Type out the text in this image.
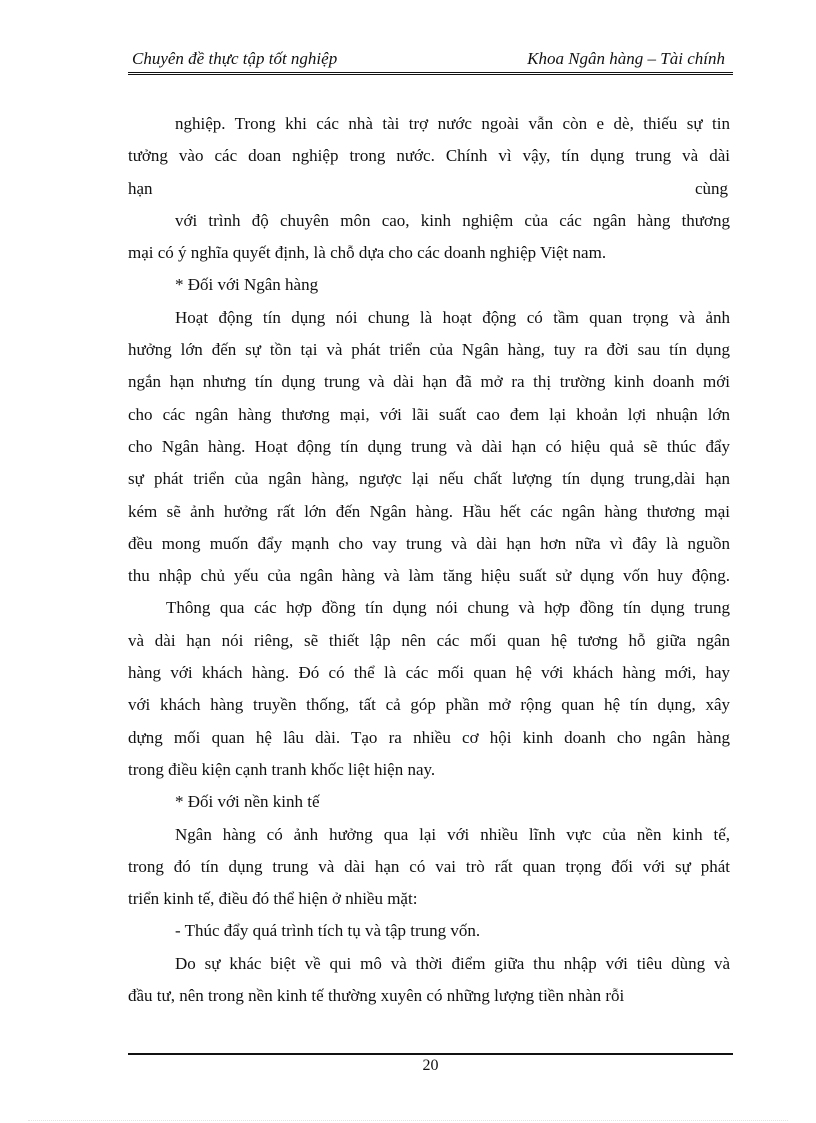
Chuyên đề thực tập tốt nghiệp	Khoa Ngân hàng – Tài chính
nghiệp. Trong khi các nhà tài trợ nước ngoài vẫn còn e dè, thiếu sự tin
tưởng vào các doan nghiệp trong nước. Chính vì vậy, tín dụng trung và dài
hạn	cùng
với trình độ chuyên môn cao, kinh nghiệm của các ngân hàng thương
mại có ý nghĩa quyết định, là chỗ dựa cho các doanh nghiệp Việt nam.
* Đối với Ngân hàng
Hoạt động tín dụng nói chung là hoạt động có tầm quan trọng và ảnh
hưởng lớn đến sự tồn tại và phát triển của Ngân hàng, tuy ra đời sau tín dụng
ngắn hạn nhưng tín dụng trung và dài hạn đã mở ra thị trường kinh doanh mới
cho các ngân hàng thương mại, với lãi suất cao đem lại khoản lợi nhuận lớn
cho Ngân hàng. Hoạt động tín dụng trung và dài hạn có hiệu quả sẽ thúc đẩy
sự phát triển của ngân hàng, ngược lại nếu chất lượng tín dụng trung,dài hạn
kém sẽ ảnh hưởng rất lớn đến Ngân hàng. Hầu hết các ngân hàng thương mại
đều mong muốn đẩy mạnh cho vay trung và dài hạn hơn nữa vì đây là nguồn
thu nhập chủ yếu của ngân hàng và làm tăng hiệu suất sử dụng vốn huy động.
Thông qua các hợp đồng tín dụng nói chung và hợp đồng tín dụng trung
và dài hạn nói riêng, sẽ thiết lập nên các mối quan hệ tương hỗ giữa ngân
hàng với khách hàng. Đó có thể là các mối quan hệ với khách hàng mới, hay
với khách hàng truyền thống, tất cả góp phần mở rộng quan hệ tín dụng, xây
dựng mối quan hệ lâu dài. Tạo ra nhiều cơ hội kinh doanh cho ngân hàng
trong điều kiện cạnh tranh khốc liệt hiện nay.
* Đối với nền kinh tế
Ngân hàng có ảnh hưởng qua lại với nhiều lĩnh vực của nền kinh tế,
trong đó tín dụng trung và dài hạn có vai trò rất quan trọng đối với sự phát
triển kinh tế, điều đó thể hiện ở nhiều mặt:
- Thúc đẩy quá trình tích tụ và tập trung vốn.
Do sự khác biệt về qui mô và thời điểm giữa thu nhập với tiêu dùng và
đầu tư, nên trong nền kinh tế thường xuyên có những lượng tiền nhàn rỗi
20
